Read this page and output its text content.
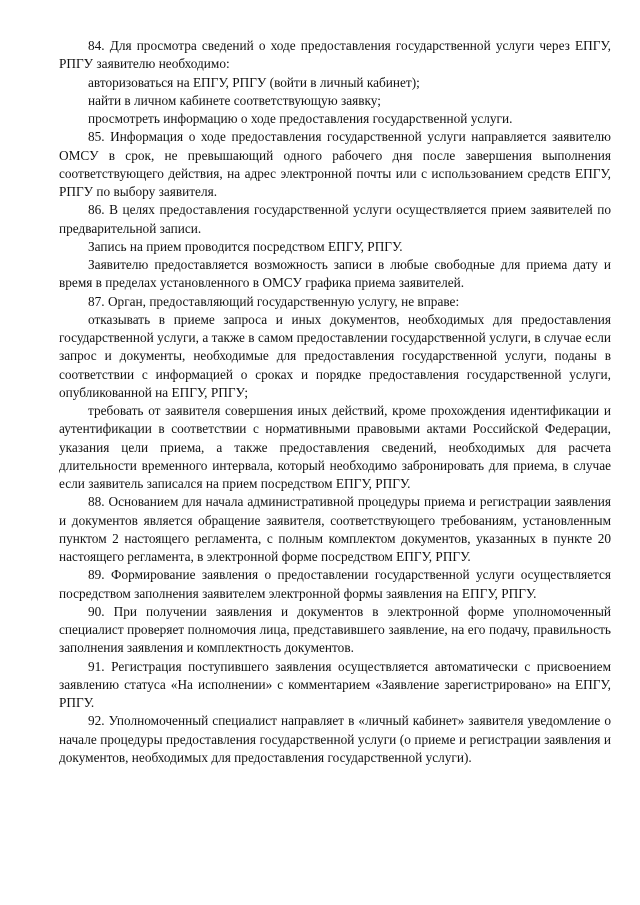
84. Для просмотра сведений о ходе предоставления государственной услуги через ЕПГУ, РПГУ заявителю необходимо:

авторизоваться на ЕПГУ, РПГУ (войти в личный кабинет);

найти в личном кабинете соответствующую заявку;

просмотреть информацию о ходе предоставления государственной услуги.

85. Информация о ходе предоставления государственной услуги направляется заявителю ОМСУ в срок, не превышающий одного рабочего дня после завершения выполнения соответствующего действия, на адрес электронной почты или с использованием средств ЕПГУ, РПГУ по выбору заявителя.

86. В целях предоставления государственной услуги осуществляется прием заявителей по предварительной записи.

Запись на прием проводится посредством ЕПГУ, РПГУ.

Заявителю предоставляется возможность записи в любые свободные для приема дату и время в пределах установленного в ОМСУ графика приема заявителей.

87. Орган, предоставляющий государственную услугу, не вправе:

отказывать в приеме запроса и иных документов, необходимых для предоставления государственной услуги, а также в самом предоставлении государственной услуги, в случае если запрос и документы, необходимые для предоставления государственной услуги, поданы в соответствии с информацией о сроках и порядке предоставления государственной услуги, опубликованной на ЕПГУ, РПГУ;

требовать от заявителя совершения иных действий, кроме прохождения идентификации и аутентификации в соответствии с нормативными правовыми актами Российской Федерации, указания цели приема, а также предоставления сведений, необходимых для расчета длительности временного интервала, который необходимо забронировать для приема, в случае если заявитель записался на прием посредством ЕПГУ, РПГУ.

88. Основанием для начала административной процедуры приема и регистрации заявления и документов является обращение заявителя, соответствующего требованиям, установленным пунктом 2 настоящего регламента, с полным комплектом документов, указанных в пункте 20 настоящего регламента, в электронной форме посредством ЕПГУ, РПГУ.

89. Формирование заявления о предоставлении государственной услуги осуществляется посредством заполнения заявителем электронной формы заявления на ЕПГУ, РПГУ.

90. При получении заявления и документов в электронной форме уполномоченный специалист проверяет полномочия лица, представившего заявление, на его подачу, правильность заполнения заявления и комплектность документов.

91. Регистрация поступившего заявления осуществляется автоматически с присвоением заявлению статуса «На исполнении» с комментарием «Заявление зарегистрировано» на ЕПГУ, РПГУ.

92. Уполномоченный специалист направляет в «личный кабинет» заявителя уведомление о начале процедуры предоставления государственной услуги (о приеме и регистрации заявления и документов, необходимых для предоставления государственной услуги).
